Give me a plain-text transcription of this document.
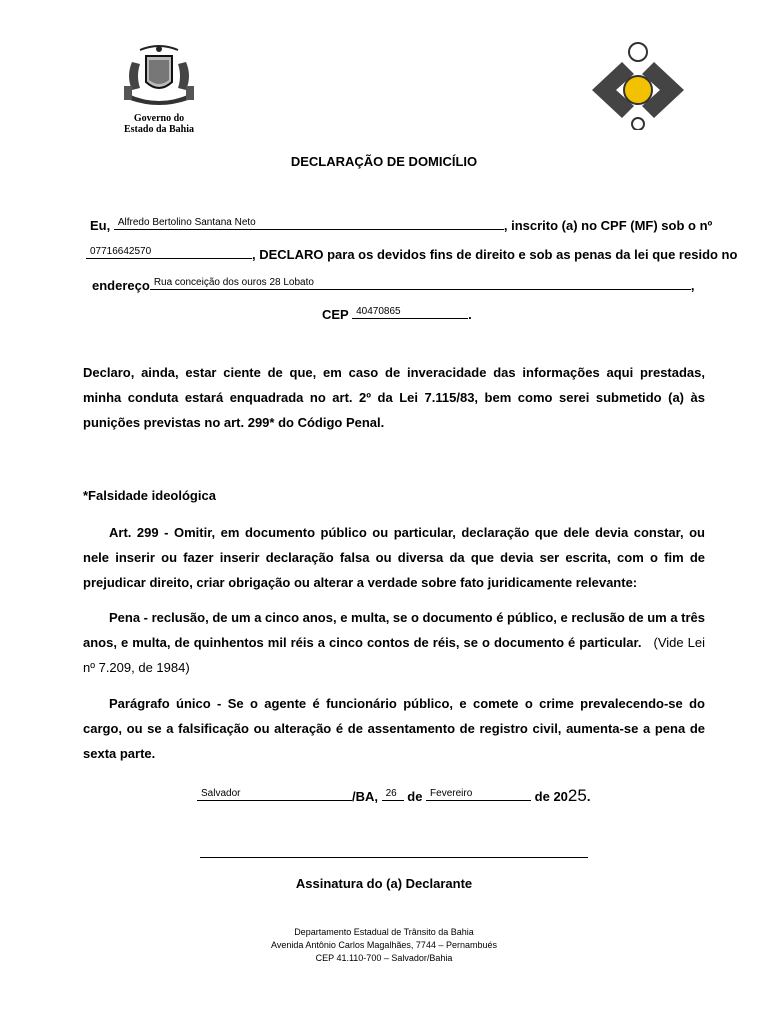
Governo do
Estado da Bahia
DECLARAÇÃO DE DOMICÍLIO
Eu, Alfredo Bertolino Santana Neto	, inscrito (a) no CPF (MF) sob o nº
07716642570	, DECLARO para os devidos fins de direito e sob as penas da lei que resido no
endereço Rua conceição dos ouros 28 Lobato	,
CEP 40470865	.
Declaro, ainda, estar ciente de que, em caso de inveracidade das informações aqui prestadas, minha conduta estará enquadrada no art. 2º da Lei 7.115/83, bem como serei submetido (a) às punições previstas no art. 299* do Código Penal.
*Falsidade ideológica
Art. 299 - Omitir, em documento público ou particular, declaração que dele devia constar, ou nele inserir ou fazer inserir declaração falsa ou diversa da que devia ser escrita, com o fim de prejudicar direito, criar obrigação ou alterar a verdade sobre fato juridicamente relevante:
Pena - reclusão, de um a cinco anos, e multa, se o documento é público, e reclusão de um a três anos, e multa, de quinhentos mil réis a cinco contos de réis, se o documento é particular. (Vide Lei nº 7.209, de 1984)
Parágrafo único - Se o agente é funcionário público, e comete o crime prevalecendo-se do cargo, ou se a falsificação ou alteração é de assentamento de registro civil, aumenta-se a pena de sexta parte.
Salvador	/BA, 26 de Fevereiro	de 2025.
Assinatura do (a) Declarante
Departamento Estadual de Trânsito da Bahia
Avenida Antônio Carlos Magalhães, 7744 – Pernambués
CEP 41.110-700 – Salvador/Bahia
